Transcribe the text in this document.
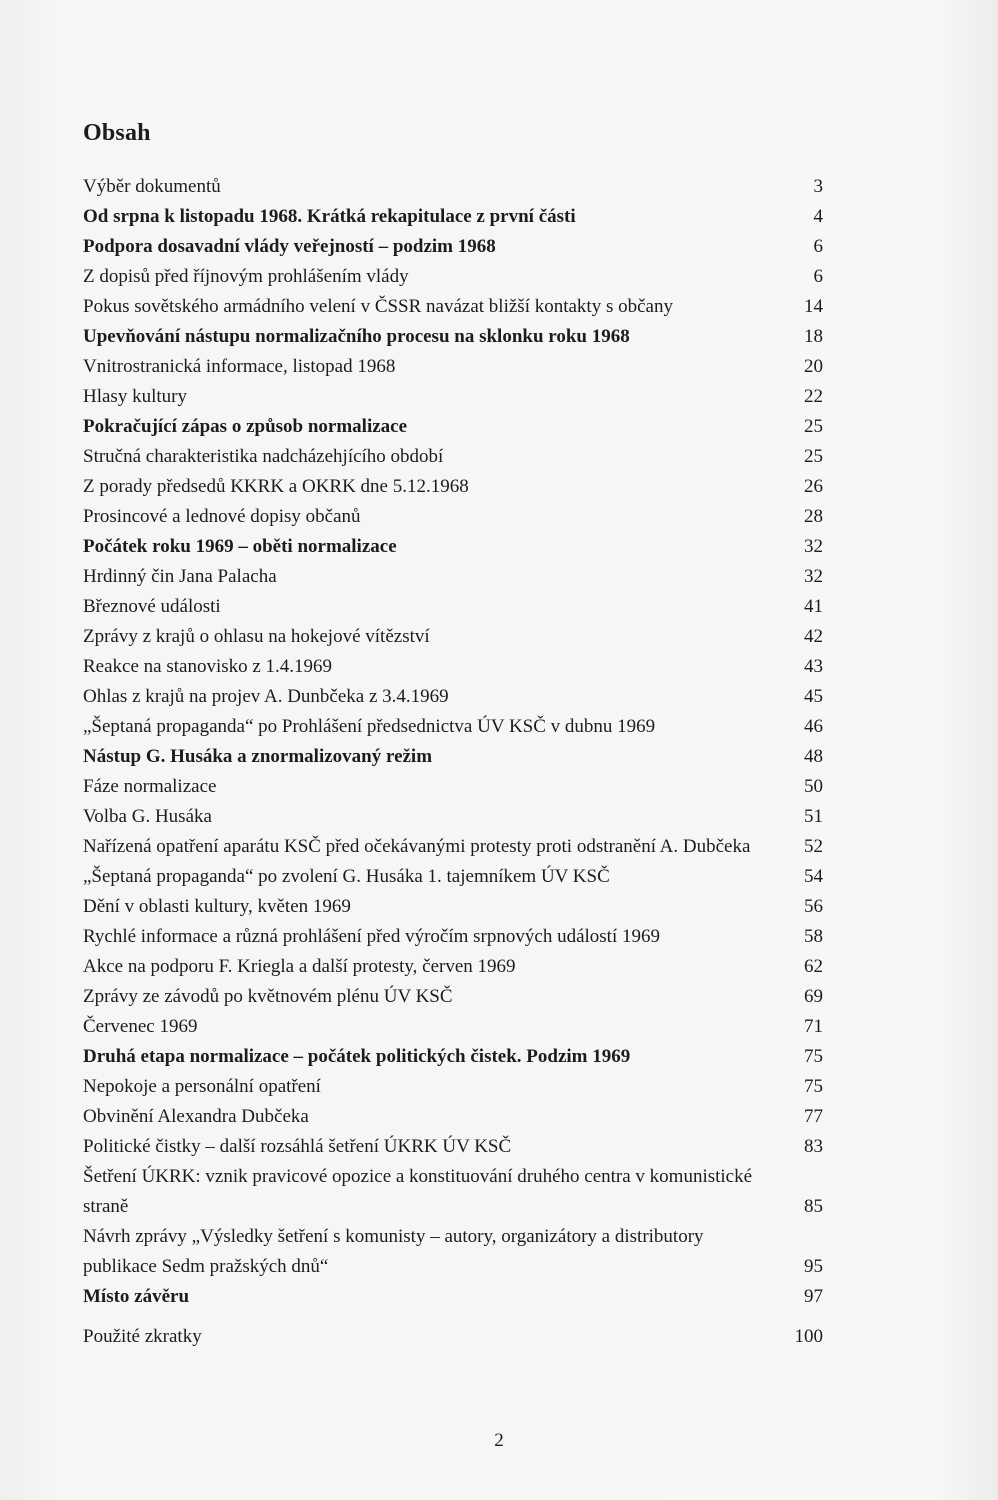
Obsah
Výběr dokumentů	3
Od srpna k listopadu 1968. Krátká rekapitulace z první části	4
Podpora dosavadní vlády veřejností – podzim 1968	6
Z dopisů před říjnovým prohlášením vlády	6
Pokus sovětského armádního velení v ČSSR navázat bližší kontakty s občany	14
Upevňování nástupu normalizačního procesu na sklonku roku 1968	18
Vnitrostranická informace, listopad 1968	20
Hlasy kultury	22
Pokračující zápas o způsob normalizace	25
Stručná charakteristika nadcházehjícího období	25
Z porady předsedů KKRK a OKRK dne 5.12.1968	26
Prosincové a lednové dopisy občanů	28
Počátek roku 1969 – oběti normalizace	32
Hrdinný čin Jana Palacha	32
Březnové události	41
Zprávy z krajů o ohlasu na hokejové vítězství	42
Reakce na stanovisko z 1.4.1969	43
Ohlas z krajů na projev A. Dunbčeka z 3.4.1969	45
„Šeptaná propaganda“ po Prohlášení předsednictva ÚV KSČ v dubnu 1969	46
Nástup G. Husáka a znormalizovaný režim	48
Fáze normalizace	50
Volba G. Husáka	51
Nařízená opatření aparátu KSČ před očekávanými protesty proti odstranění A. Dubčeka	52
„Šeptaná propaganda“ po zvolení G. Husáka 1. tajemníkem ÚV KSČ	54
Dění v oblasti kultury, květen 1969	56
Rychlé informace a různá prohlášení před výročím srpnových událostí 1969	58
Akce na podporu F. Kriegla a další protesty, červen 1969	62
Zprávy ze závodů po květnovém plénu ÚV KSČ	69
Červenec 1969	71
Druhá etapa normalizace – počátek politických čistek. Podzim 1969	75
Nepokoje a personální opatření	75
Obvinění Alexandra Dubčeka	77
Politické čistky – další rozsáhlá šetření ÚKRK ÚV KSČ	83
Šetření ÚKRK: vznik pravicové opozice a konstituování druhého centra v komunistické straně	85
Návrh zprávy „Výsledky šetření s komunisty – autory, organizátory a distributory publikace Sedm pražských dnů“	95
Místo závěru	97
Použité zkratky	100
2
